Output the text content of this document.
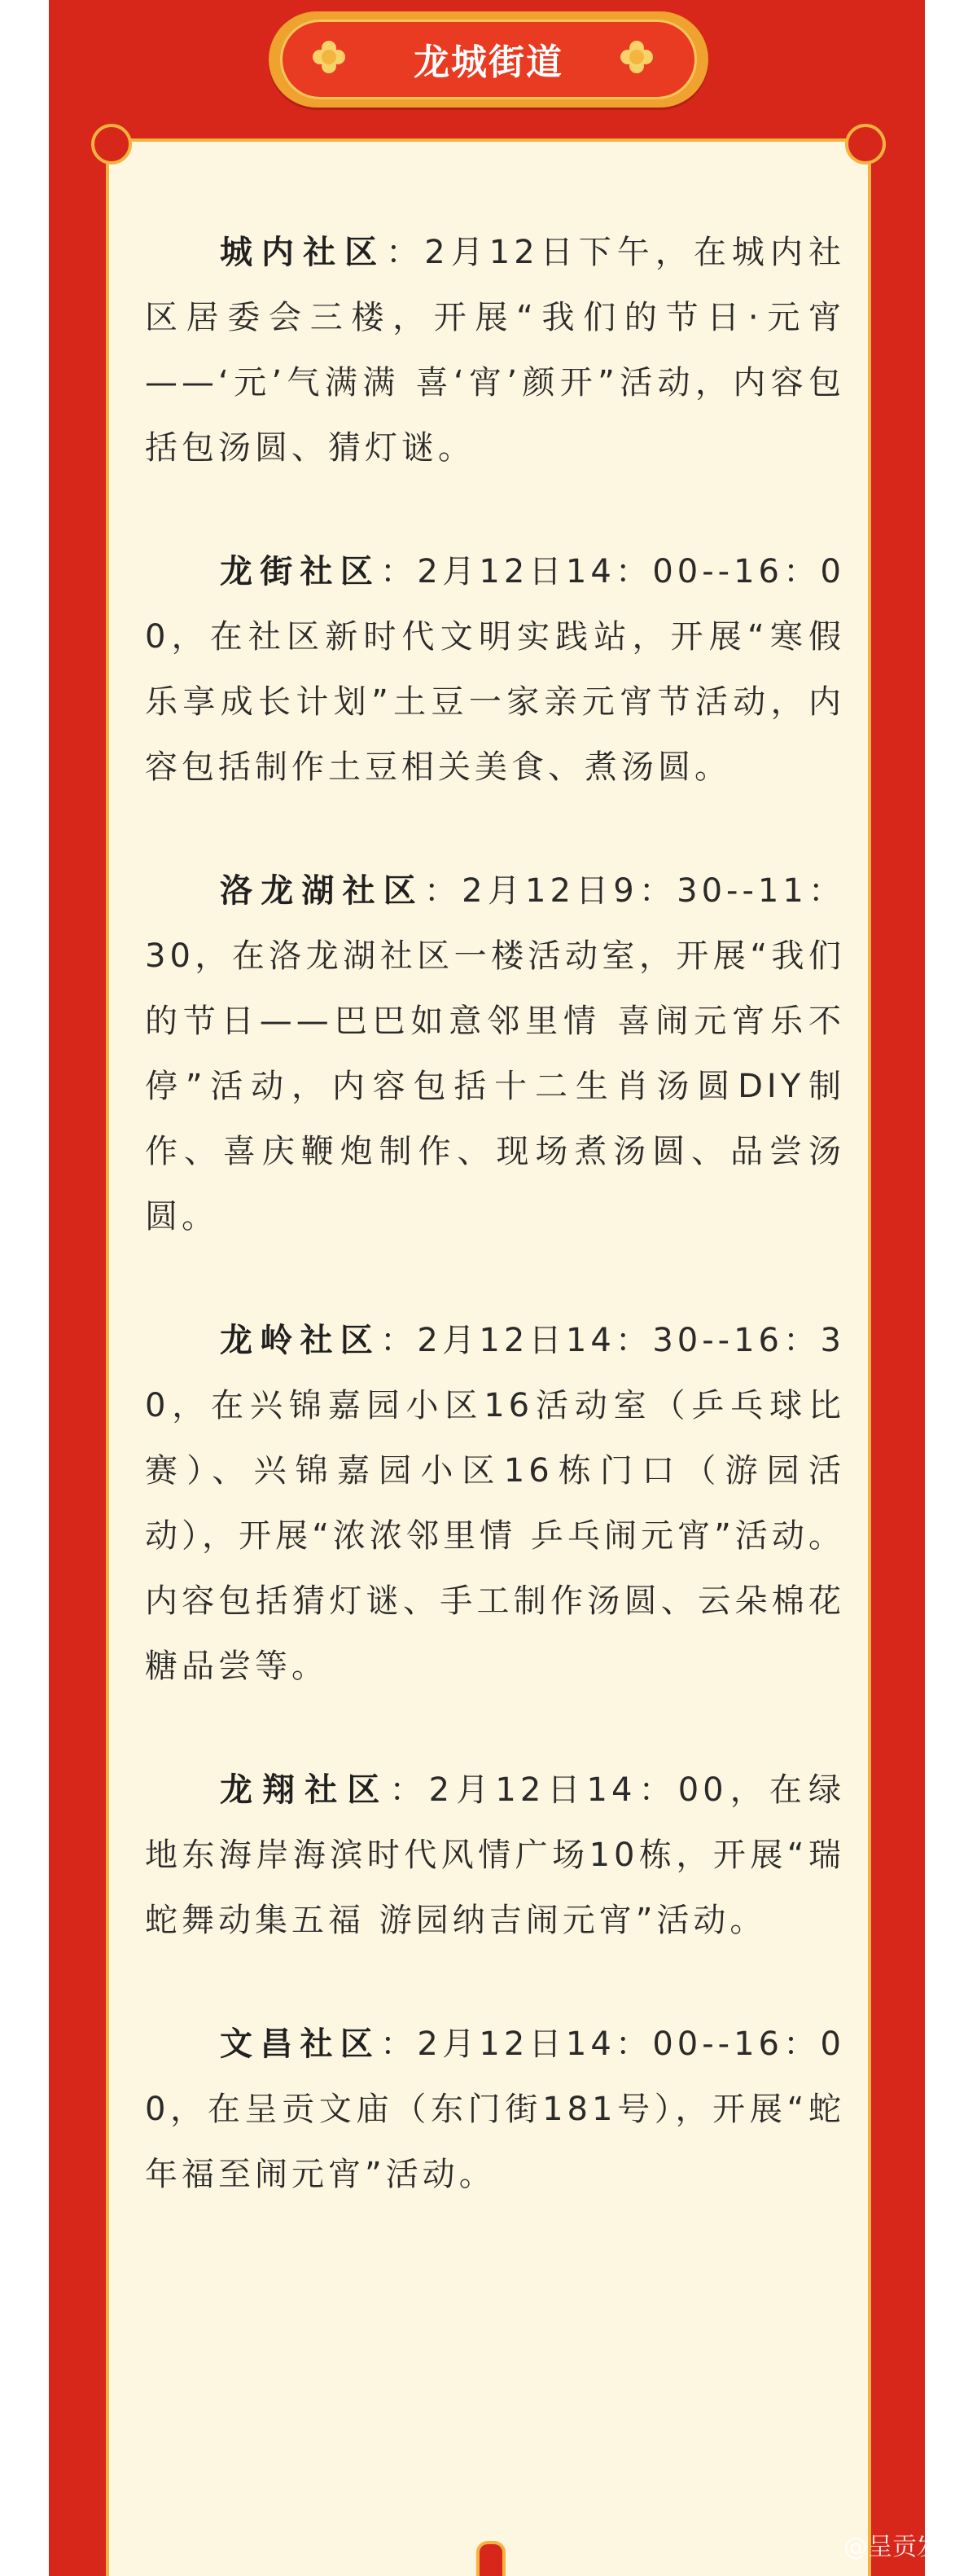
龙城街道

城内社区：2月12日下午，在城内社区居委会三楼，开展“我们的节日·元宵——‘元’气满满 喜‘宵’颜开”活动，内容包括包汤圆、猜灯谜。

龙街社区：2月12日14：00--16：00，在社区新时代文明实践站，开展“寒假乐享成长计划”土豆一家亲元宵节活动，内容包括制作土豆相关美食、煮汤圆。

洛龙湖社区：2月12日9：30--11：30，在洛龙湖社区一楼活动室，开展“我们的节日——巴巴如意邻里情 喜闹元宵乐不停”活动，内容包括十二生肖汤圆DIY制作、喜庆鞭炮制作、现场煮汤圆、品尝汤圆。

龙岭社区：2月12日14：30--16：30，在兴锦嘉园小区16活动室（乒乓球比赛）、兴锦嘉园小区16栋门口（游园活动），开展“浓浓邻里情 乒乓闹元宵”活动。内容包括猜灯谜、手工制作汤圆、云朵棉花糖品尝等。

龙翔社区：2月12日14：00，在绿地东海岸海滨时代风情广场10栋，开展“瑞蛇舞动集五福 游园纳吉闹元宵”活动。

文昌社区：2月12日14：00--16：00，在呈贡文庙（东门街181号），开展“蛇年福至闹元宵”活动。

@呈贡发布
